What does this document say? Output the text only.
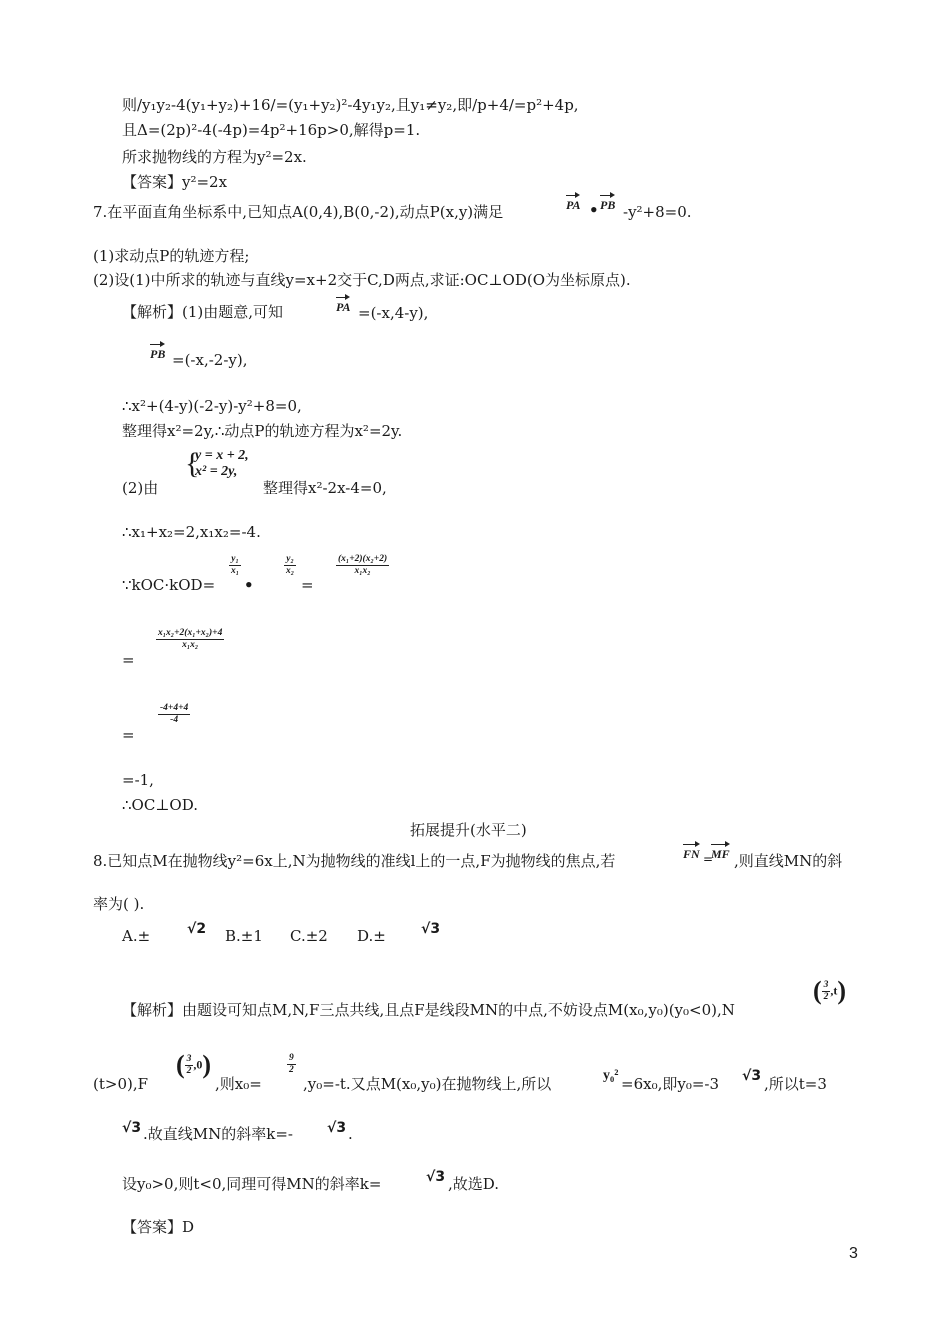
则/y₁y₂-4(y₁+y₂)+16/=(y₁+y₂)²-4y₁y₂,且y₁≠y₂,即/p+4/=p²+4p,
且Δ=(2p)²-4(-4p)=4p²+16p>0,解得p=1.
所求抛物线的方程为y²=2x.
【答案】y²=2x
7.在平面直角坐标系中,已知点A(0,4),B(0,-2),动点P(x,y)满足	PA • PB -y²+8=0.
(1)求动点P的轨迹方程;
(2)设(1)中所求的轨迹与直线y=x+2交于C,D两点,求证:OC⊥OD(O为坐标原点).
【解析】(1)由题意,可知	PA =(-x,4-y),
PB =(-x,-2-y),
∴x²+(4-y)(-2-y)-y²+8=0,
整理得x²=2y,∴动点P的轨迹方程为x²=2y.
(2)由
{
y = x + 2,
x² = 2y,
整理得x²-2x-4=0,
∴x₁+x₂=2,x₁x₂=-4.
∵kOC·kOD=
$\frac{\text{y₁}}{\text{x₁}}$
•
$\frac{\text{y₂}}{\text{x₂}}$
=
$\frac{\text{(x₁+2)(x₂+2)}}{\text{x₁x₂}}$
$\frac{\text{x₁x₂+2(x₁+x₂)+4}}{\text{x₁x₂}}$
=
$\frac{-4+4+4}{-4}$
=
=-1,
∴OC⊥OD.
拓展提升(水平二)
8.已知点M在抛物线y²=6x上,N为抛物线的准线l上的一点,F为抛物线的焦点,若	FN =
MF ,则直线MN的斜
率为( ).
A.±	√2 B.±1 C.±2 D.±	√3
【解析】由题设可知点M,N,F三点共线,且点F是线段MN的中点,不妨设点M(x₀,y₀)(y₀<0),N
( $\frac{3}{2} ,t$)
(t>0),F
( $\frac{3}{2} ,0$)
,则x₀=
$\frac{9}{2}$
,y₀=-t.又点M(x₀,y₀)在抛物线上,所以	y₀² =6x₀,即y₀=-3 √3 ,所以t=3
√3 .故直线MN的斜率k=- √3 .
设y₀>0,则t<0,同理可得MN的斜率k=	√3 ,故选D.
【答案】D
3
